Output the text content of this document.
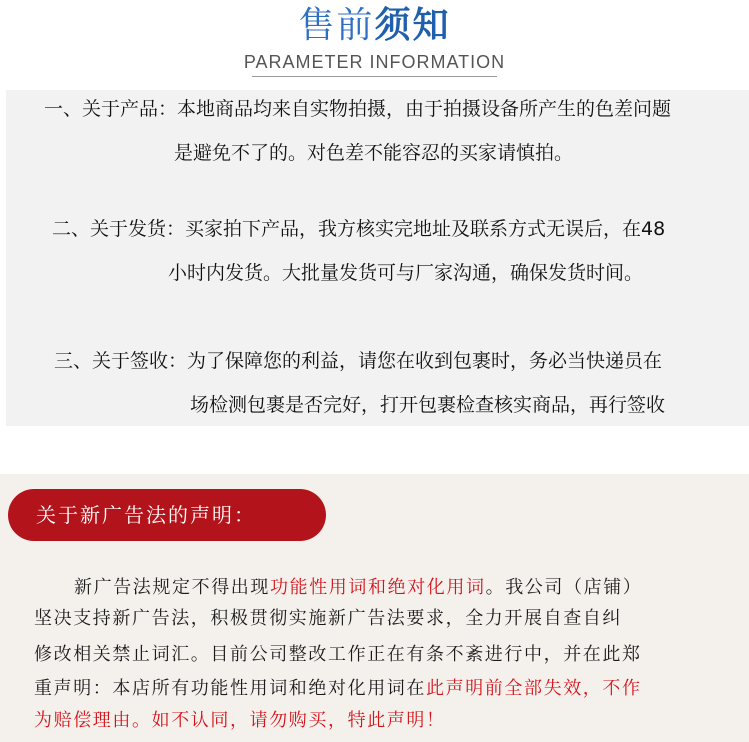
售前须知
PARAMETER INFORMATION
一、关于产品：本地商品均来自实物拍摄，由于拍摄设备所产生的色差问题
是避免不了的。对色差不能容忍的买家请慎拍。
二、关于发货：买家拍下产品，我方核实完地址及联系方式无误后，在48
小时内发货。大批量发货可与厂家沟通，确保发货时间。
三、关于签收：为了保障您的利益，请您在收到包裹时，务必当快递员在
场检测包裹是否完好，打开包裹检查核实商品，再行签收
关于新广告法的声明：
新广告法规定不得出现功能性用词和绝对化用词。我公司（店铺）
坚决支持新广告法，积极贯彻实施新广告法要求，全力开展自查自纠
修改相关禁止词汇。目前公司整改工作正在有条不紊进行中，并在此郑
重声明：本店所有功能性用词和绝对化用词在此声明前全部失效，不作
为赔偿理由。如不认同，请勿购买，特此声明！
